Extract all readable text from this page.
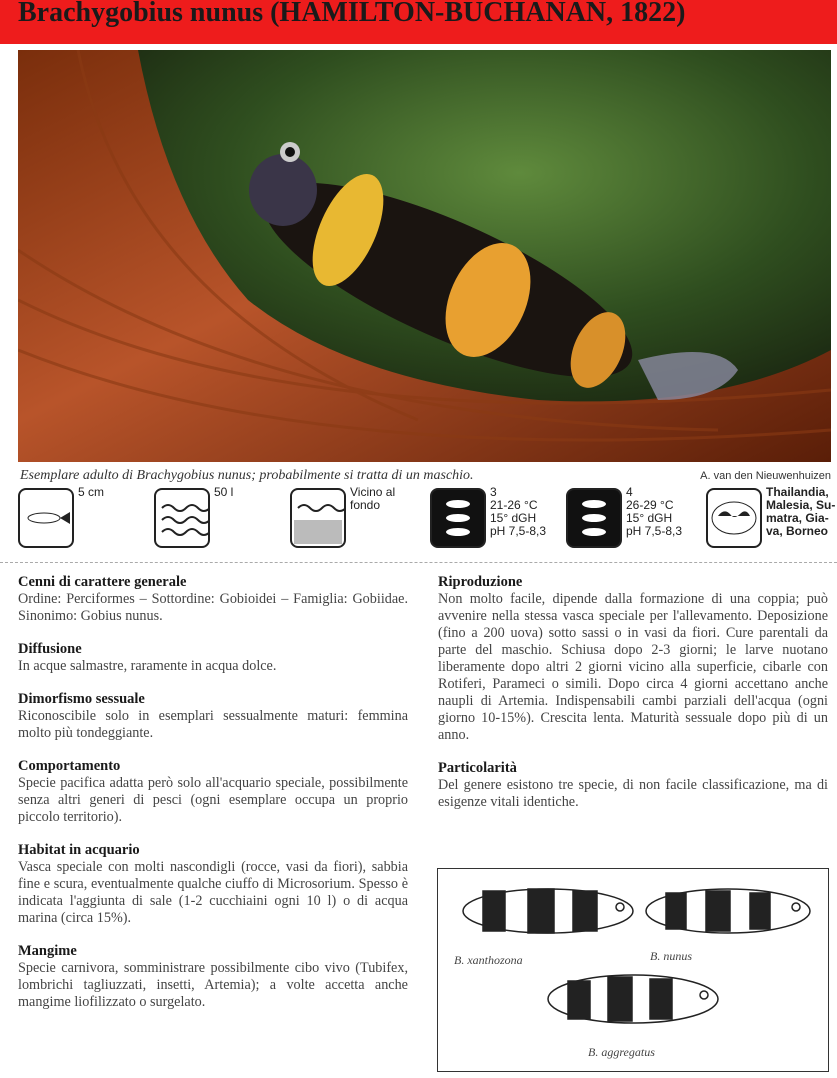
Brachygobius nunus (HAMILTON-BUCHANAN, 1822)
Esemplare adulto di Brachygobius nunus; probabilmente si tratta di un maschio.	A. van den Nieuwenhuizen
5 cm	50 l	Vicino al
fondo
3
21-26 °C
15° dGH
pH 7,5-8,3
4
26-29 °C
15° dGH
pH 7,5-8,3
Thailandia,
Malesia, Su-
matra, Gia-
va, Borneo
Cenni di carattere generale

Ordine: Perciformes – Sottordine: Gobioidei – Famiglia: Gobiidae. Sinonimo: Gobius nunus.

Diffusione

In acque salmastre, raramente in acqua dolce.

Dimorfismo sessuale

Riconoscibile solo in esemplari sessualmente maturi: femmina molto più tondeggiante.

Comportamento

Specie pacifica adatta però solo all'acquario speciale, possibilmente senza altri generi di pesci (ogni esemplare occupa un proprio piccolo territorio).

Habitat in acquario

Vasca speciale con molti nascondigli (rocce, vasi da fiori), sabbia fine e scura, eventualmente qualche ciuffo di Microsorium. Spesso è indicata l'aggiunta di sale (1-2 cucchiaini ogni 10 l) o di acqua marina (circa 15%).

Mangime

Specie carnivora, somministrare possibilmente cibo vivo (Tubifex, lombrichi tagliuzzati, insetti, Artemia); a volte accetta anche mangime liofilizzato o surgelato.

Riproduzione

Non molto facile, dipende dalla formazione di una coppia; può avvenire nella stessa vasca speciale per l'allevamento. Deposizione (fino a 200 uova) sotto sassi o in vasi da fiori. Cure parentali da parte del maschio. Schiusa dopo 2-3 giorni; le larve nuotano liberamente dopo altri 2 giorni vicino alla superficie, cibarle con Rotiferi, Parameci o simili. Dopo circa 4 giorni accettano anche naupli di Artemia. Indispensabili cambi parziali dell'acqua (ogni giorno 10-15%). Crescita lenta. Maturità sessuale dopo più di un anno.

Particolarità

Del genere esistono tre specie, di non facile classificazione, ma di esigenze vitali identiche.

B. xanthozona	B. nunus
B. aggregatus
